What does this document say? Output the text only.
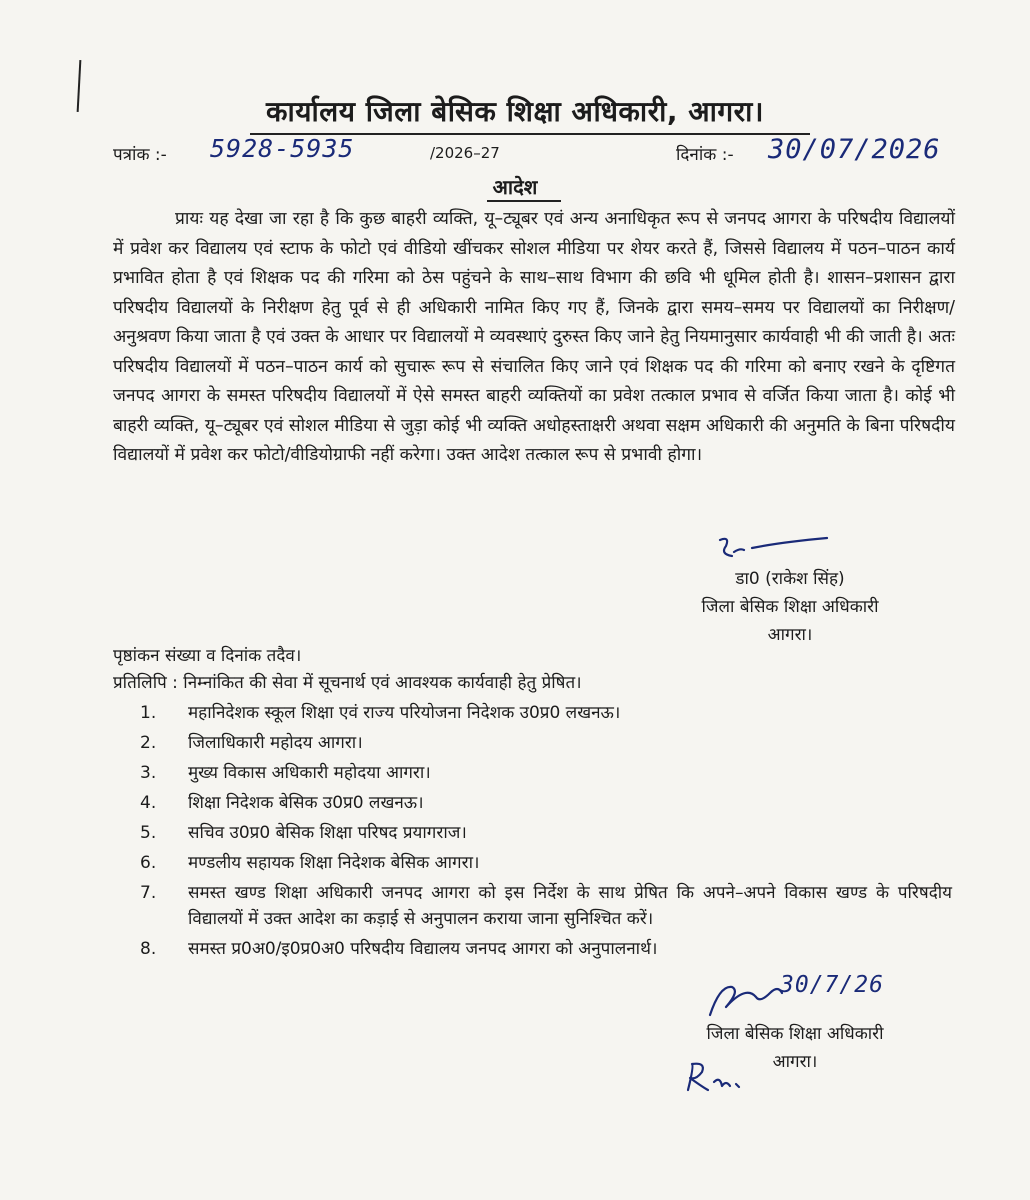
कार्यालय जिला बेसिक शिक्षा अधिकारी, आगरा।
पत्रांक :- 5928-5935	/2026–27	दिनांक :- 30/07/2026
आदेश
प्रायः यह देखा जा रहा है कि कुछ बाहरी व्यक्ति, यू–ट्यूबर एवं अन्य अनाधिकृत रूप से जनपद आगरा के परिषदीय विद्यालयों में प्रवेश कर विद्यालय एवं स्टाफ के फोटो एवं वीडियो खींचकर सोशल मीडिया पर शेयर करते हैं, जिससे विद्यालय में पठन–पाठन कार्य प्रभावित होता है एवं शिक्षक पद की गरिमा को ठेस पहुंचने के साथ–साथ विभाग की छवि भी धूमिल होती है। शासन–प्रशासन द्वारा परिषदीय विद्यालयों के निरीक्षण हेतु पूर्व से ही अधिकारी नामित किए गए हैं, जिनके द्वारा समय–समय पर विद्यालयों का निरीक्षण/अनुश्रवण किया जाता है एवं उक्त के आधार पर विद्यालयों मे व्यवस्थाएं दुरुस्त किए जाने हेतु नियमानुसार कार्यवाही भी की जाती है। अतः परिषदीय विद्यालयों में पठन–पाठन कार्य को सुचारू रूप से संचालित किए जाने एवं शिक्षक पद की गरिमा को बनाए रखने के दृष्टिगत जनपद आगरा के समस्त परिषदीय विद्यालयों में ऐसे समस्त बाहरी व्यक्तियों का प्रवेश तत्काल प्रभाव से वर्जित किया जाता है। कोई भी बाहरी व्यक्ति, यू–ट्यूबर एवं सोशल मीडिया से जुड़ा कोई भी व्यक्ति अधोहस्ताक्षरी अथवा सक्षम अधिकारी की अनुमति के बिना परिषदीय विद्यालयों में प्रवेश कर फोटो/वीडियोग्राफी नहीं करेगा। उक्त आदेश तत्काल रूप से प्रभावी होगा।
डा0 (राकेश सिंह)
जिला बेसिक शिक्षा अधिकारी
आगरा।
पृष्ठांकन संख्या व दिनांक तदैव।
प्रतिलिपि : निम्नांकित की सेवा में सूचनार्थ एवं आवश्यक कार्यवाही हेतु प्रेषित।
1.	महानिदेशक स्कूल शिक्षा एवं राज्य परियोजना निदेशक उ0प्र0 लखनऊ।
2.	जिलाधिकारी महोदय आगरा।
3.	मुख्य विकास अधिकारी महोदया आगरा।
4.	शिक्षा निदेशक बेसिक उ0प्र0 लखनऊ।
5.	सचिव उ0प्र0 बेसिक शिक्षा परिषद प्रयागराज।
6.	मण्डलीय सहायक शिक्षा निदेशक बेसिक आगरा।
7.	समस्त खण्ड शिक्षा अधिकारी जनपद आगरा को इस निर्देश के साथ प्रेषित कि अपने–अपने विकास खण्ड के परिषदीय विद्यालयों में उक्त आदेश का कड़ाई से अनुपालन कराया जाना सुनिश्चित करें।
8.	समस्त प्र0अ0/इ0प्र0अ0 परिषदीय विद्यालय जनपद आगरा को अनुपालनार्थ।
30/7/26
जिला बेसिक शिक्षा अधिकारी
आगरा।
